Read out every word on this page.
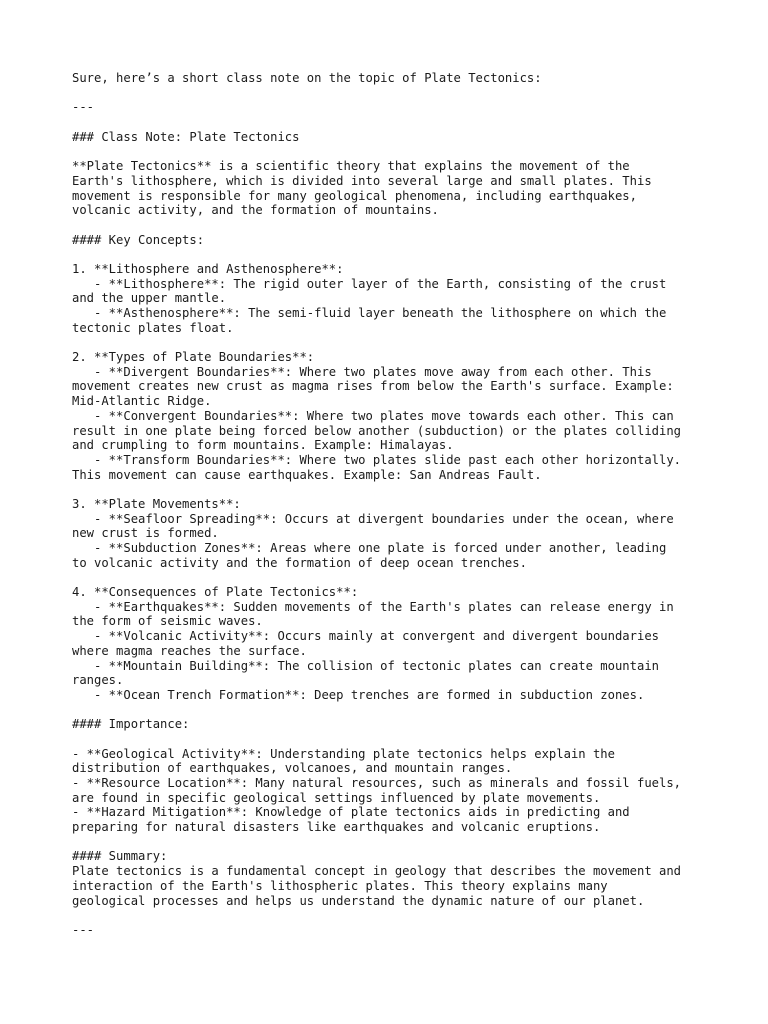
Sure, here’s a short class note on the topic of Plate Tectonics:
---
### Class Note: Plate Tectonics
**Plate Tectonics** is a scientific theory that explains the movement of the
Earth's lithosphere, which is divided into several large and small plates. This
movement is responsible for many geological phenomena, including earthquakes,
volcanic activity, and the formation of mountains.
#### Key Concepts:
1. **Lithosphere and Asthenosphere**:
- **Lithosphere**: The rigid outer layer of the Earth, consisting of the crust
and the upper mantle.
- **Asthenosphere**: The semi-fluid layer beneath the lithosphere on which the
tectonic plates float.
2. **Types of Plate Boundaries**:
- **Divergent Boundaries**: Where two plates move away from each other. This
movement creates new crust as magma rises from below the Earth's surface. Example:
Mid-Atlantic Ridge.
- **Convergent Boundaries**: Where two plates move towards each other. This can
result in one plate being forced below another (subduction) or the plates colliding
and crumpling to form mountains. Example: Himalayas.
- **Transform Boundaries**: Where two plates slide past each other horizontally.
This movement can cause earthquakes. Example: San Andreas Fault.
3. **Plate Movements**:
- **Seafloor Spreading**: Occurs at divergent boundaries under the ocean, where
new crust is formed.
- **Subduction Zones**: Areas where one plate is forced under another, leading
to volcanic activity and the formation of deep ocean trenches.
4. **Consequences of Plate Tectonics**:
- **Earthquakes**: Sudden movements of the Earth's plates can release energy in
the form of seismic waves.
- **Volcanic Activity**: Occurs mainly at convergent and divergent boundaries
where magma reaches the surface.
- **Mountain Building**: The collision of tectonic plates can create mountain
ranges.
- **Ocean Trench Formation**: Deep trenches are formed in subduction zones.
#### Importance:
- **Geological Activity**: Understanding plate tectonics helps explain the
distribution of earthquakes, volcanoes, and mountain ranges.
- **Resource Location**: Many natural resources, such as minerals and fossil fuels,
are found in specific geological settings influenced by plate movements.
- **Hazard Mitigation**: Knowledge of plate tectonics aids in predicting and
preparing for natural disasters like earthquakes and volcanic eruptions.
#### Summary:
Plate tectonics is a fundamental concept in geology that describes the movement and
interaction of the Earth's lithospheric plates. This theory explains many
geological processes and helps us understand the dynamic nature of our planet.
---
